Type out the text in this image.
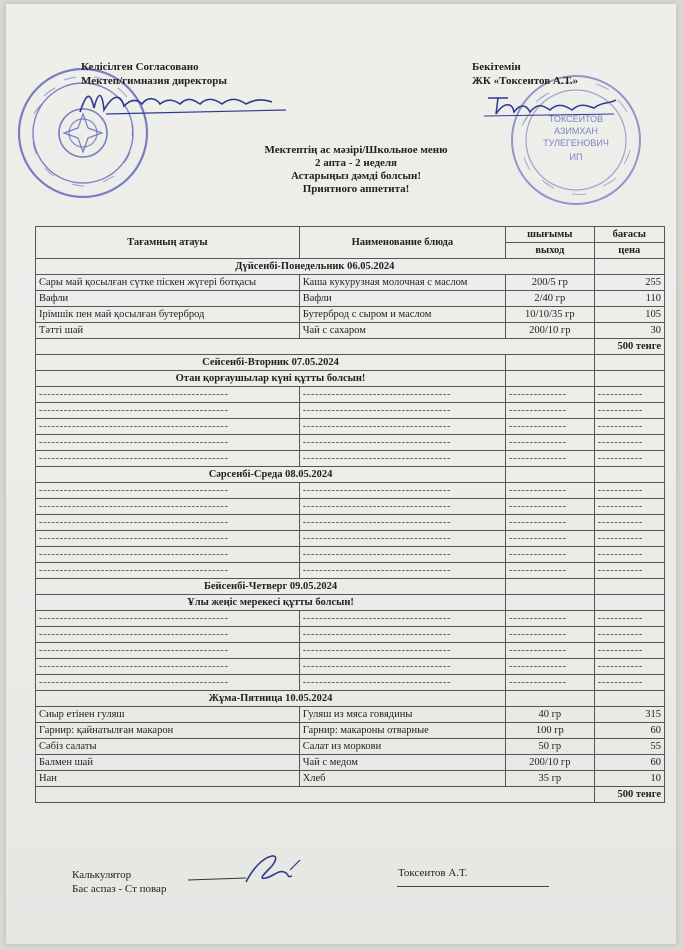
ТОКСЕИТОВ
АЗИМХАН
ТУЛЕГЕНОВИЧ
ИП
Келісілген Согласовано
Мектеп/гимназия директоры
Бекітемін
ЖК «Токсеитов А.Т.»
Мектептің ас мәзірі/Школьное меню
2 апта - 2 неделя
Астарыңыз дәмді болсын!
Приятного аппетита!
Тағамның атауы	Наименование блюда	шығымы	бағасы
		выход	цена
Дүйсенбі-Понедельник 06.05.2024			
Сары май қосылған сүтке піскен жүгері ботқасы	Каша кукурузная молочная с маслом	200/5 гр	255
Вафли	Вафли	2/40 гр	110
Ірімшік пен май қосылған бутерброд	Бутерброд с сыром и маслом	10/10/35 гр	105
Тәтті шай	Чай с сахаром	200/10 гр	30
			500 тенге
Сейсенбі-Вторник 07.05.2024			
Отан қорғаушылар күні құтты болсын!			
- - - - - - - - - - - - - - - - - - - - - - - - - - - - - - - - - - - - - - - - - - - - - -	- - - - - - - - - - - - - - - - - - - - - - - - - - - - - - - - - - - -	- - - - - - - - - - - - - -	- - - - - - - - - - -
- - - - - - - - - - - - - - - - - - - - - - - - - - - - - - - - - - - - - - - - - - - - - -	- - - - - - - - - - - - - - - - - - - - - - - - - - - - - - - - - - - -	- - - - - - - - - - - - - -	- - - - - - - - - - -
- - - - - - - - - - - - - - - - - - - - - - - - - - - - - - - - - - - - - - - - - - - - - -	- - - - - - - - - - - - - - - - - - - - - - - - - - - - - - - - - - - -	- - - - - - - - - - - - - -	- - - - - - - - - - -
- - - - - - - - - - - - - - - - - - - - - - - - - - - - - - - - - - - - - - - - - - - - - -	- - - - - - - - - - - - - - - - - - - - - - - - - - - - - - - - - - - -	- - - - - - - - - - - - - -	- - - - - - - - - - -
- - - - - - - - - - - - - - - - - - - - - - - - - - - - - - - - - - - - - - - - - - - - - -	- - - - - - - - - - - - - - - - - - - - - - - - - - - - - - - - - - - -	- - - - - - - - - - - - - -	- - - - - - - - - - -
Сәрсенбі-Среда 08.05.2024			
- - - - - - - - - - - - - - - - - - - - - - - - - - - - - - - - - - - - - - - - - - - - - -	- - - - - - - - - - - - - - - - - - - - - - - - - - - - - - - - - - - -	- - - - - - - - - - - - - -	- - - - - - - - - - -
- - - - - - - - - - - - - - - - - - - - - - - - - - - - - - - - - - - - - - - - - - - - - -	- - - - - - - - - - - - - - - - - - - - - - - - - - - - - - - - - - - -	- - - - - - - - - - - - - -	- - - - - - - - - - -
- - - - - - - - - - - - - - - - - - - - - - - - - - - - - - - - - - - - - - - - - - - - - -	- - - - - - - - - - - - - - - - - - - - - - - - - - - - - - - - - - - -	- - - - - - - - - - - - - -	- - - - - - - - - - -
- - - - - - - - - - - - - - - - - - - - - - - - - - - - - - - - - - - - - - - - - - - - - -	- - - - - - - - - - - - - - - - - - - - - - - - - - - - - - - - - - - -	- - - - - - - - - - - - - -	- - - - - - - - - - -
- - - - - - - - - - - - - - - - - - - - - - - - - - - - - - - - - - - - - - - - - - - - - -	- - - - - - - - - - - - - - - - - - - - - - - - - - - - - - - - - - - -	- - - - - - - - - - - - - -	- - - - - - - - - - -
- - - - - - - - - - - - - - - - - - - - - - - - - - - - - - - - - - - - - - - - - - - - - -	- - - - - - - - - - - - - - - - - - - - - - - - - - - - - - - - - - - -	- - - - - - - - - - - - - -	- - - - - - - - - - -
Бейсенбі-Четверг 09.05.2024			
Ұлы жеңіс мерекесі құтты болсын!			
- - - - - - - - - - - - - - - - - - - - - - - - - - - - - - - - - - - - - - - - - - - - - -	- - - - - - - - - - - - - - - - - - - - - - - - - - - - - - - - - - - -	- - - - - - - - - - - - - -	- - - - - - - - - - -
- - - - - - - - - - - - - - - - - - - - - - - - - - - - - - - - - - - - - - - - - - - - - -	- - - - - - - - - - - - - - - - - - - - - - - - - - - - - - - - - - - -	- - - - - - - - - - - - - -	- - - - - - - - - - -
- - - - - - - - - - - - - - - - - - - - - - - - - - - - - - - - - - - - - - - - - - - - - -	- - - - - - - - - - - - - - - - - - - - - - - - - - - - - - - - - - - -	- - - - - - - - - - - - - -	- - - - - - - - - - -
- - - - - - - - - - - - - - - - - - - - - - - - - - - - - - - - - - - - - - - - - - - - - -	- - - - - - - - - - - - - - - - - - - - - - - - - - - - - - - - - - - -	- - - - - - - - - - - - - -	- - - - - - - - - - -
- - - - - - - - - - - - - - - - - - - - - - - - - - - - - - - - - - - - - - - - - - - - - -	- - - - - - - - - - - - - - - - - - - - - - - - - - - - - - - - - - - -	- - - - - - - - - - - - - -	- - - - - - - - - - -
Жұма-Пятница 10.05.2024			
Сиыр етінен гуляш	Гуляш из мяса говядины	40 гр	315
Гарнир: қайнатылған макарон	Гарнир: макароны отварные	100 гр	60
Сәбіз салаты	Салат из моркови	50 гр	55
Балмен шай	Чай с медом	200/10 гр	60
Нан	Хлеб	35 гр	10
			500 тенге
Калькулятор
Бас аспаз - Ст повар
Токсеитов А.Т.
